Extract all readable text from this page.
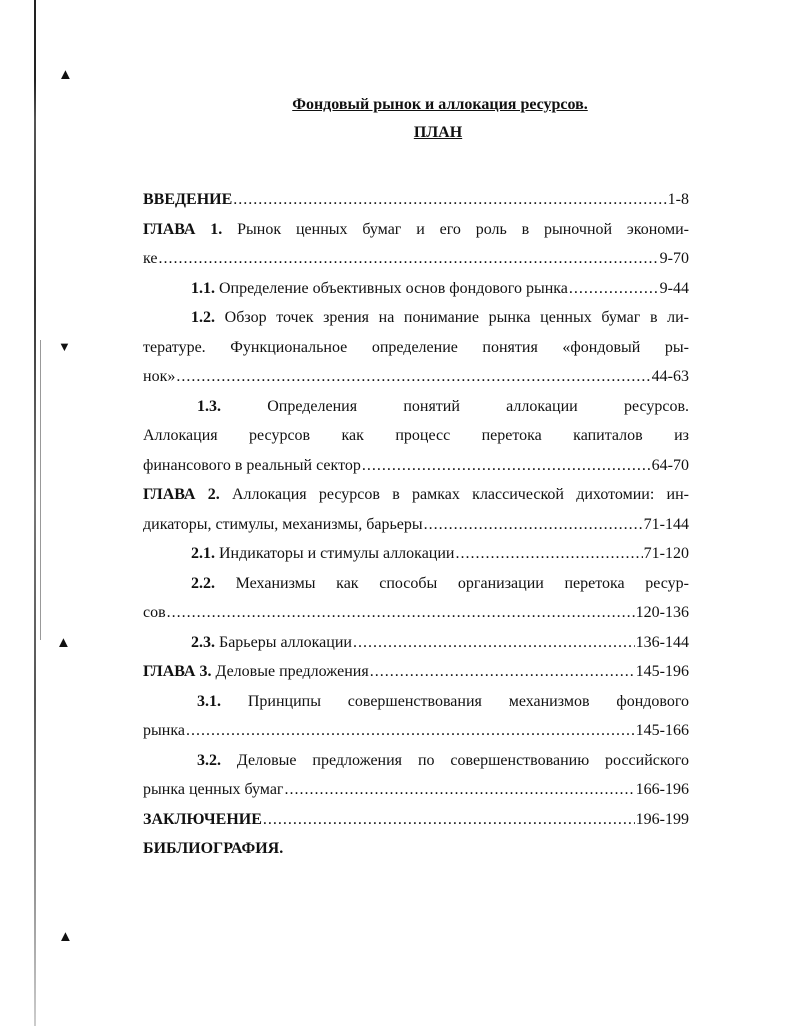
▲
▼
▲
▲

Фондовый рынок и аллокация ресурсов.

ПЛАН

ВВЕДЕНИЕ .....	1-8
ГЛАВА 1. Рынок ценных бумаг и его роль в рыночной экономи-
ке .....	9-70
1.1. Определение объективных основ фондового рынка .....	9-44
1.2. Обзор точек зрения на понимание рынка ценных бумаг в ли-
тературе. Функциональное определение понятия «фондовый ры-
нок» .....	44-63
1.3.	Определения понятий аллокации ресурсов.
Аллокация ресурсов как процесс перетока капиталов из
финансового в реальный сектор .....	64-70
ГЛАВА 2. Аллокация ресурсов в рамках классической дихотомии: ин-
дикаторы, стимулы, механизмы, барьеры .....	71-144
2.1. Индикаторы и стимулы аллокации .....	71-120
2.2. Механизмы как способы организации перетока ресур-
сов .....	120-136
2.3. Барьеры аллокации .....	136-144
ГЛАВА 3. Деловые предложения .....	145-196
3.1. Принципы совершенствования механизмов фондового
рынка .....	145-166
3.2. Деловые предложения по совершенствованию российского
рынка ценных бумаг .....	166-196
ЗАКЛЮЧЕНИЕ .....	196-199
БИБЛИОГРАФИЯ.
